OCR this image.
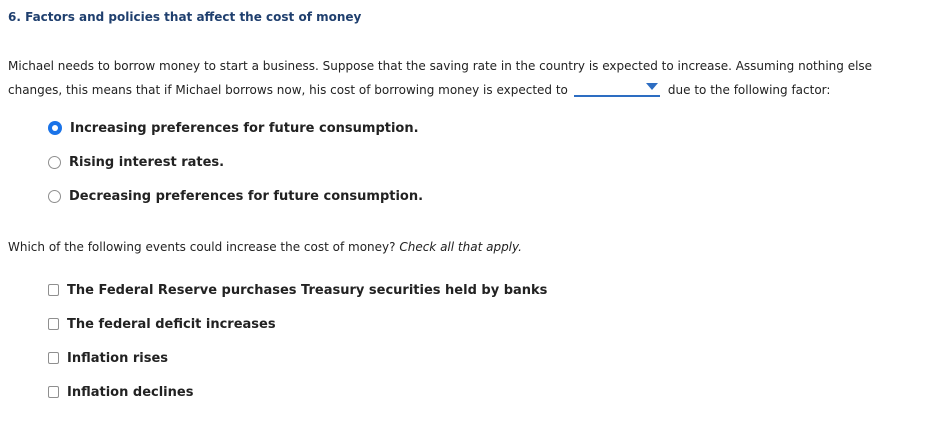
6. Factors and policies that affect the cost of money

Michael needs to borrow money to start a business. Suppose that the saving rate in the country is expected to increase. Assuming nothing else changes, this means that if Michael borrows now, his cost of borrowing money is expected to	due to the following factor:

Increasing preferences for future consumption.
Rising interest rates.
Decreasing preferences for future consumption.

Which of the following events could increase the cost of money? Check all that apply.

The Federal Reserve purchases Treasury securities held by banks
The federal deficit increases
Inflation rises
Inflation declines
